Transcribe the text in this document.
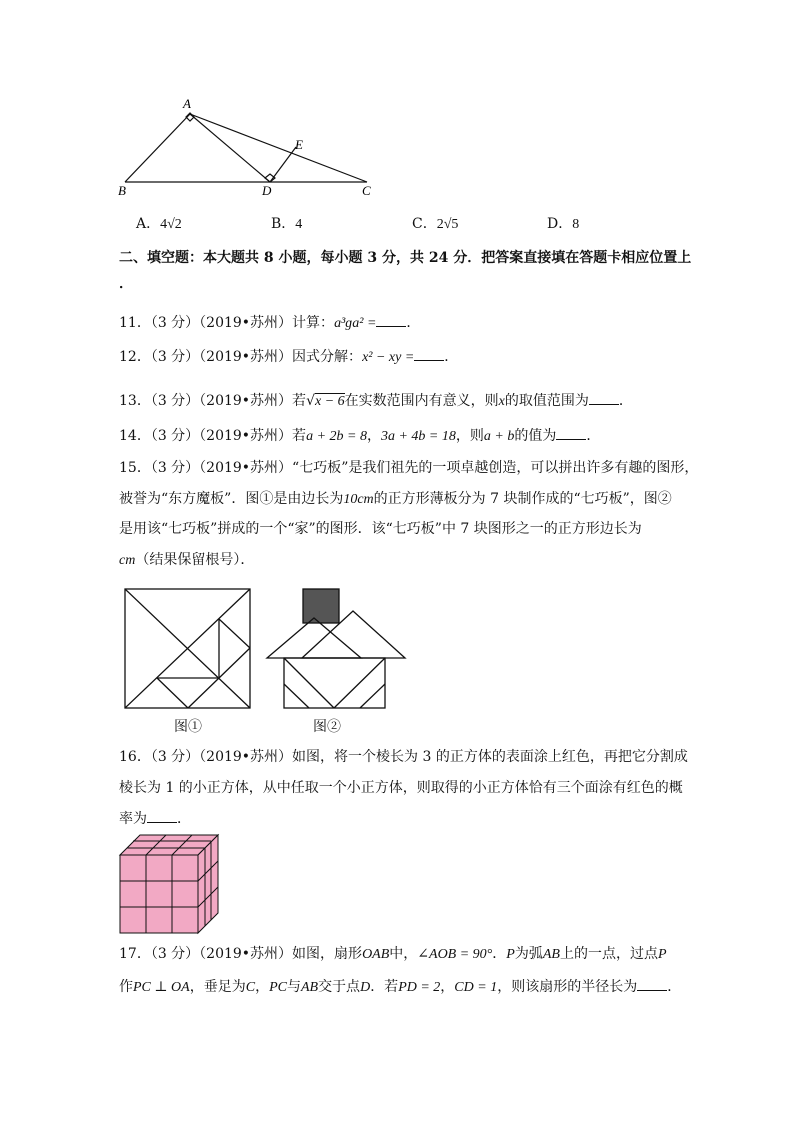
A
B	C
D
E
A．4√2	B．4	C．2√5	D．8
二、填空题：本大题共 8 小题，每小题 3 分，共 24 分．把答案直接填在答题卡相应位置上
．
11．（3 分）（2019•苏州）计算：a³ɡa² = ．
12．（3 分）（2019•苏州）因式分解：x² − xy = ．
13．（3 分）（2019•苏州）若√x − 6在实数范围内有意义，则x的取值范围为 ．
14．（3 分）（2019•苏州）若a + 2b = 8，3a + 4b = 18，则a + b的值为 ．
15．（3 分）（2019•苏州）“七巧板”是我们祖先的一项卓越创造，可以拼出许多有趣的图形，
被誉为“东方魔板”．图①是由边长为10cm的正方形薄板分为 7 块制作成的“七巧板”，图②
是用该“七巧板”拼成的一个“家”的图形．该“七巧板”中 7 块图形之一的正方形边长为
cm（结果保留根号）．
图①	图②
16．（3 分）（2019•苏州）如图，将一个棱长为 3 的正方体的表面涂上红色，再把它分割成
棱长为 1 的小正方体，从中任取一个小正方体，则取得的小正方体恰有三个面涂有红色的概
率为 ．
17．（3 分）（2019•苏州）如图，扇形OAB中，∠AOB = 90°．P为弧AB上的一点，过点P
作PC ⊥ OA，垂足为C，PC与AB交于点D．若PD = 2，CD = 1，则该扇形的半径长为 ．
